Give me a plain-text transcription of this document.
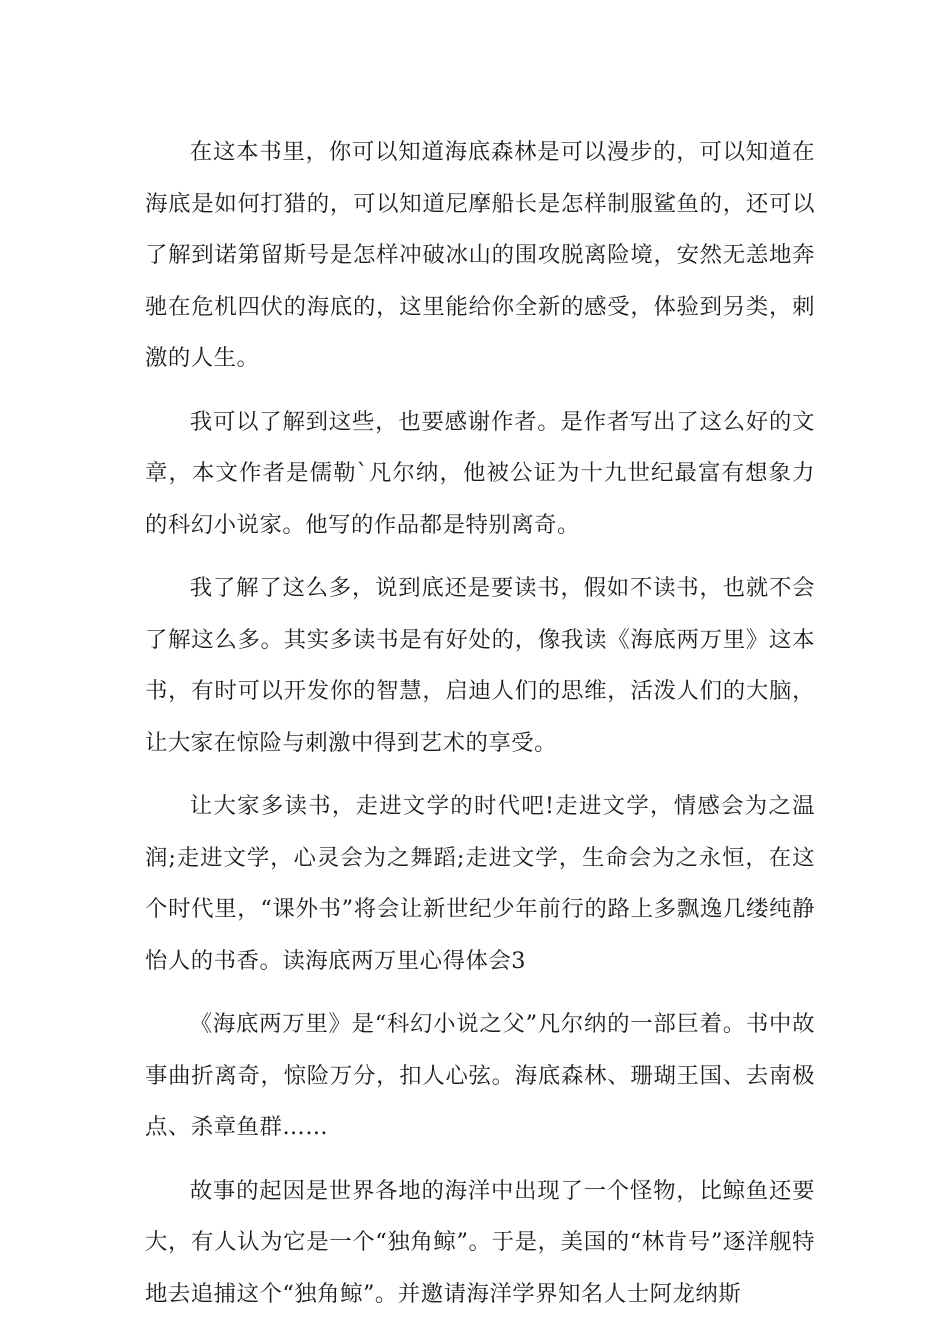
在这本书里，你可以知道海底森林是可以漫步的，可以知道在海底是如何打猎的，可以知道尼摩船长是怎样制服鲨鱼的，还可以了解到诺第留斯号是怎样冲破冰山的围攻脱离险境，安然无恙地奔驰在危机四伏的海底的，这里能给你全新的感受，体验到另类，刺激的人生。

我可以了解到这些，也要感谢作者。是作者写出了这么好的文章，本文作者是儒勒`凡尔纳，他被公证为十九世纪最富有想象力的科幻小说家。他写的作品都是特别离奇。

我了解了这么多，说到底还是要读书，假如不读书，也就不会了解这么多。其实多读书是有好处的，像我读《海底两万里》这本书，有时可以开发你的智慧，启迪人们的思维，活泼人们的大脑，让大家在惊险与刺激中得到艺术的享受。

让大家多读书，走进文学的时代吧!走进文学，情感会为之温润;走进文学，心灵会为之舞蹈;走进文学，生命会为之永恒，在这个时代里，“课外书”将会让新世纪少年前行的路上多飘逸几缕纯静怡人的书香。读海底两万里心得体会3

《海底两万里》是“科幻小说之父”凡尔纳的一部巨着。书中故事曲折离奇，惊险万分，扣人心弦。海底森林、珊瑚王国、去南极点、杀章鱼群……

故事的起因是世界各地的海洋中出现了一个怪物，比鲸鱼还要大，有人认为它是一个“独角鲸”。于是，美国的“林肯号”逐洋舰特地去追捕这个“独角鲸”。并邀请海洋学界知名人士阿龙纳斯
